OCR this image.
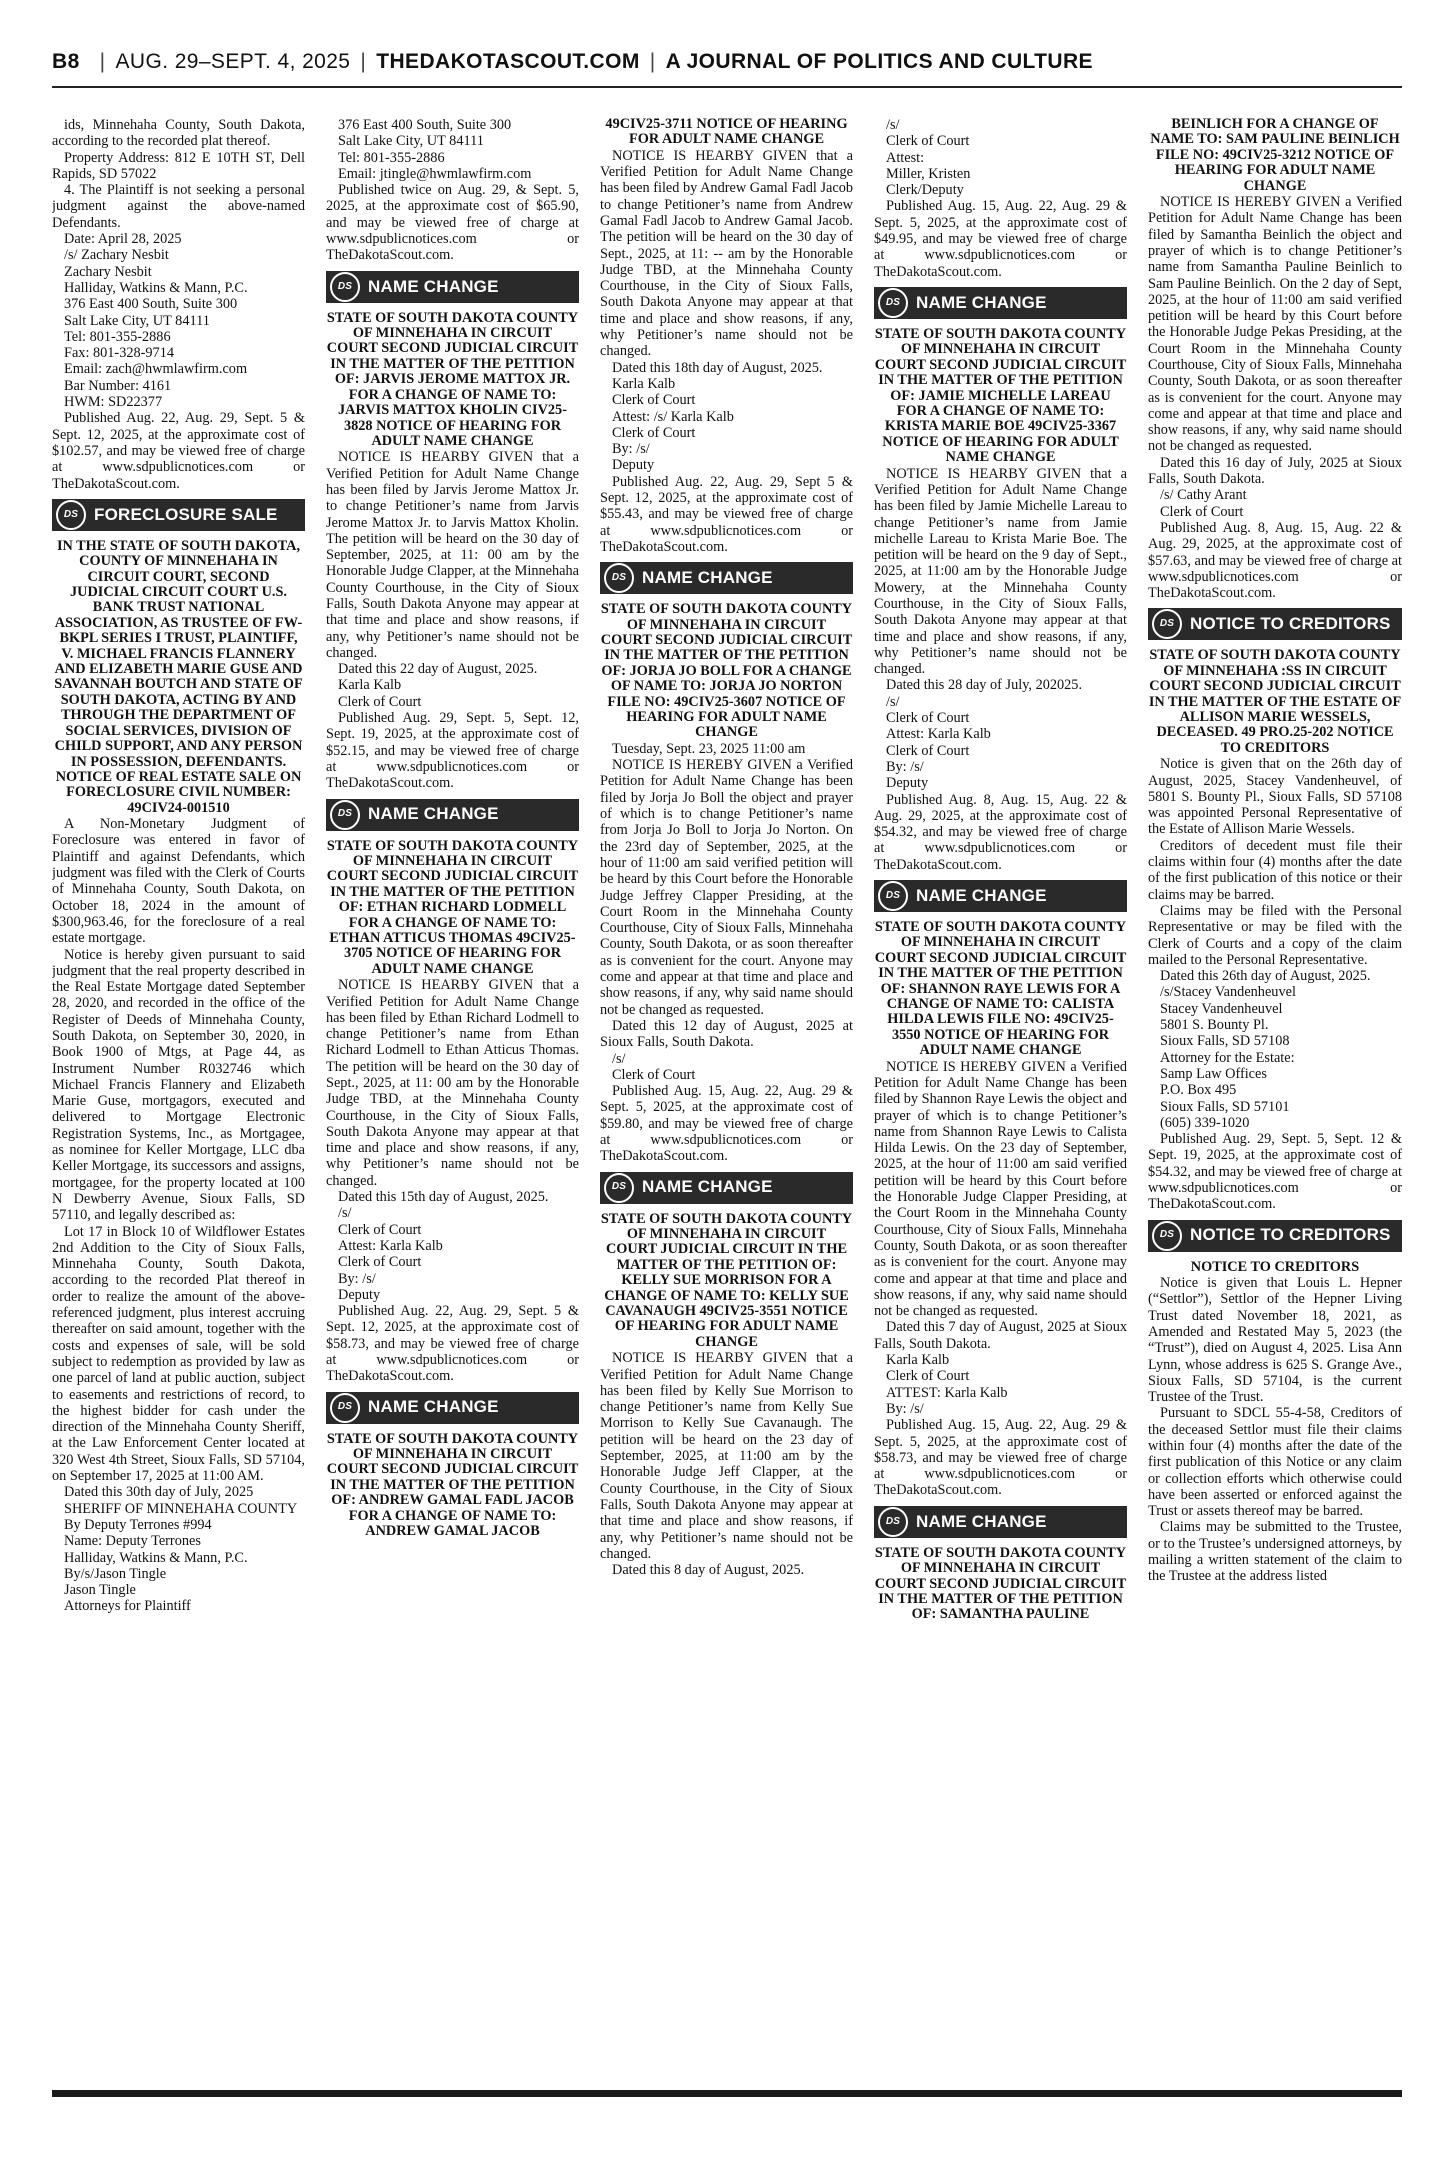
B8 | AUG. 29–SEPT. 4, 2025 | THEDAKOTASCOUT.COM | A JOURNAL OF POLITICS AND CULTURE

ids, Minnehaha County, South Dakota, according to the recorded plat thereof.

Property Address: 812 E 10TH ST, Dell Rapids, SD 57022

4. The Plaintiff is not seeking a personal judgment against the above-named Defendants.

Date: April 28, 2025

/s/ Zachary Nesbit

Zachary Nesbit

Halliday, Watkins & Mann, P.C.

376 East 400 South, Suite 300

Salt Lake City, UT 84111

Tel: 801-355-2886

Fax: 801-328-9714

Email: zach@hwmlawfirm.com

Bar Number: 4161

HWM: SD22377

Published Aug. 22, Aug. 29, Sept. 5 & Sept. 12, 2025, at the approximate cost of $102.57, and may be viewed free of charge at www.sdpublicnotices.com or TheDakotaScout.com.

DS FORECLOSURE SALE

IN THE STATE OF SOUTH DAKOTA, COUNTY OF MINNEHAHA IN CIRCUIT COURT, SECOND JUDICIAL CIRCUIT COURT U.S. BANK TRUST NATIONAL ASSOCIATION, AS TRUSTEE OF FW-BKPL SERIES I TRUST, PLAINTIFF, V. MICHAEL FRANCIS FLANNERY AND ELIZABETH MARIE GUSE AND SAVANNAH BOUTCH AND STATE OF SOUTH DAKOTA, ACTING BY AND THROUGH THE DEPARTMENT OF SOCIAL SERVICES, DIVISION OF CHILD SUPPORT, AND ANY PERSON IN POSSESSION, DEFENDANTS. NOTICE OF REAL ESTATE SALE ON FORECLOSURE CIVIL NUMBER: 49CIV24-001510

A Non-Monetary Judgment of Foreclosure was entered in favor of Plaintiff and against Defendants, which judgment was filed with the Clerk of Courts of Minnehaha County, South Dakota, on October 18, 2024 in the amount of $300,963.46, for the foreclosure of a real estate mortgage.

Notice is hereby given pursuant to said judgment that the real property described in the Real Estate Mortgage dated September 28, 2020, and recorded in the office of the Register of Deeds of Minnehaha County, South Dakota, on September 30, 2020, in Book 1900 of Mtgs, at Page 44, as Instrument Number R032746 which Michael Francis Flannery and Elizabeth Marie Guse, mortgagors, executed and delivered to Mortgage Electronic Registration Systems, Inc., as Mortgagee, as nominee for Keller Mortgage, LLC dba Keller Mortgage, its successors and assigns, mortgagee, for the property located at 100 N Dewberry Avenue, Sioux Falls, SD 57110, and legally described as:

Lot 17 in Block 10 of Wildflower Estates 2nd Addition to the City of Sioux Falls, Minnehaha County, South Dakota, according to the recorded Plat thereof in order to realize the amount of the above-referenced judgment, plus interest accruing thereafter on said amount, together with the costs and expenses of sale, will be sold subject to redemption as provided by law as one parcel of land at public auction, subject to easements and restrictions of record, to the highest bidder for cash under the direction of the Minnehaha County Sheriff, at the Law Enforcement Center located at 320 West 4th Street, Sioux Falls, SD 57104, on September 17, 2025 at 11:00 AM.

Dated this 30th day of July, 2025

SHERIFF OF MINNEHAHA COUNTY

By Deputy Terrones #994

Name: Deputy Terrones

Halliday, Watkins & Mann, P.C.

By/s/Jason Tingle

Jason Tingle

Attorneys for Plaintiff

376 East 400 South, Suite 300

Salt Lake City, UT 84111

Tel: 801-355-2886

Email: jtingle@hwmlawfirm.com

Published twice on Aug. 29, & Sept. 5, 2025, at the approximate cost of $65.90, and may be viewed free of charge at www.sdpublicnotices.com or TheDakotaScout.com.

DS NAME CHANGE

STATE OF SOUTH DAKOTA COUNTY OF MINNEHAHA IN CIRCUIT COURT SECOND JUDICIAL CIRCUIT IN THE MATTER OF THE PETITION OF: JARVIS JEROME MATTOX JR. FOR A CHANGE OF NAME TO: JARVIS MATTOX KHOLIN CIV25-3828 NOTICE OF HEARING FOR ADULT NAME CHANGE

NOTICE IS HEARBY GIVEN that a Verified Petition for Adult Name Change has been filed by Jarvis Jerome Mattox Jr. to change Petitioner’s name from Jarvis Jerome Mattox Jr. to Jarvis Mattox Kholin. The petition will be heard on the 30 day of September, 2025, at 11: 00 am by the Honorable Judge Clapper, at the Minnehaha County Courthouse, in the City of Sioux Falls, South Dakota Anyone may appear at that time and place and show reasons, if any, why Petitioner’s name should not be changed.

Dated this 22 day of August, 2025.

Karla Kalb

Clerk of Court

Published Aug. 29, Sept. 5, Sept. 12, Sept. 19, 2025, at the approximate cost of $52.15, and may be viewed free of charge at www.sdpublicnotices.com or TheDakotaScout.com.

DS NAME CHANGE

STATE OF SOUTH DAKOTA COUNTY OF MINNEHAHA IN CIRCUIT COURT SECOND JUDICIAL CIRCUIT IN THE MATTER OF THE PETITION OF: ETHAN RICHARD LODMELL FOR A CHANGE OF NAME TO: ETHAN ATTICUS THOMAS 49CIV25-3705 NOTICE OF HEARING FOR ADULT NAME CHANGE

NOTICE IS HEARBY GIVEN that a Verified Petition for Adult Name Change has been filed by Ethan Richard Lodmell to change Petitioner’s name from Ethan Richard Lodmell to Ethan Atticus Thomas. The petition will be heard on the 30 day of Sept., 2025, at 11: 00 am by the Honorable Judge TBD, at the Minnehaha County Courthouse, in the City of Sioux Falls, South Dakota Anyone may appear at that time and place and show reasons, if any, why Petitioner’s name should not be changed.

Dated this 15th day of August, 2025.

/s/

Clerk of Court

Attest: Karla Kalb

Clerk of Court

By: /s/

Deputy

Published Aug. 22, Aug. 29, Sept. 5 & Sept. 12, 2025, at the approximate cost of $58.73, and may be viewed free of charge at www.sdpublicnotices.com or TheDakotaScout.com.

DS NAME CHANGE

STATE OF SOUTH DAKOTA COUNTY OF MINNEHAHA IN CIRCUIT COURT SECOND JUDICIAL CIRCUIT IN THE MATTER OF THE PETITION OF: ANDREW GAMAL FADL JACOB FOR A CHANGE OF NAME TO: ANDREW GAMAL JACOB

49CIV25-3711 NOTICE OF HEARING FOR ADULT NAME CHANGE

NOTICE IS HEARBY GIVEN that a Verified Petition for Adult Name Change has been filed by Andrew Gamal Fadl Jacob to change Petitioner’s name from Andrew Gamal Fadl Jacob to Andrew Gamal Jacob. The petition will be heard on the 30 day of Sept., 2025, at 11: -- am by the Honorable Judge TBD, at the Minnehaha County Courthouse, in the City of Sioux Falls, South Dakota Anyone may appear at that time and place and show reasons, if any, why Petitioner’s name should not be changed.

Dated this 18th day of August, 2025.

Karla Kalb

Clerk of Court

Attest: /s/ Karla Kalb

Clerk of Court

By: /s/

Deputy

Published Aug. 22, Aug. 29, Sept 5 & Sept. 12, 2025, at the approximate cost of $55.43, and may be viewed free of charge at www.sdpublicnotices.com or TheDakotaScout.com.

DS NAME CHANGE

STATE OF SOUTH DAKOTA COUNTY OF MINNEHAHA IN CIRCUIT COURT SECOND JUDICIAL CIRCUIT IN THE MATTER OF THE PETITION OF: JORJA JO BOLL FOR A CHANGE OF NAME TO: JORJA JO NORTON FILE NO: 49CIV25-3607 NOTICE OF HEARING FOR ADULT NAME CHANGE

Tuesday, Sept. 23, 2025 11:00 am

NOTICE IS HEREBY GIVEN a Verified Petition for Adult Name Change has been filed by Jorja Jo Boll the object and prayer of which is to change Petitioner’s name from Jorja Jo Boll to Jorja Jo Norton. On the 23rd day of September, 2025, at the hour of 11:00 am said verified petition will be heard by this Court before the Honorable Judge Jeffrey Clapper Presiding, at the Court Room in the Minnehaha County Courthouse, City of Sioux Falls, Minnehaha County, South Dakota, or as soon thereafter as is convenient for the court. Anyone may come and appear at that time and place and show reasons, if any, why said name should not be changed as requested.

Dated this 12 day of August, 2025 at Sioux Falls, South Dakota.

/s/

Clerk of Court

Published Aug. 15, Aug. 22, Aug. 29 & Sept. 5, 2025, at the approximate cost of $59.80, and may be viewed free of charge at www.sdpublicnotices.com or TheDakotaScout.com.

DS NAME CHANGE

STATE OF SOUTH DAKOTA COUNTY OF MINNEHAHA IN CIRCUIT COURT JUDICIAL CIRCUIT IN THE MATTER OF THE PETITION OF: KELLY SUE MORRISON FOR A CHANGE OF NAME TO: KELLY SUE CAVANAUGH 49CIV25-3551 NOTICE OF HEARING FOR ADULT NAME CHANGE

NOTICE IS HEARBY GIVEN that a Verified Petition for Adult Name Change has been filed by Kelly Sue Morrison to change Petitioner’s name from Kelly Sue Morrison to Kelly Sue Cavanaugh. The petition will be heard on the 23 day of September, 2025, at 11:00 am by the Honorable Judge Jeff Clapper, at the County Courthouse, in the City of Sioux Falls, South Dakota Anyone may appear at that time and place and show reasons, if any, why Petitioner’s name should not be changed.

Dated this 8 day of August, 2025.

/s/

Clerk of Court

Attest:

Miller, Kristen

Clerk/Deputy

Published Aug. 15, Aug. 22, Aug. 29 & Sept. 5, 2025, at the approximate cost of $49.95, and may be viewed free of charge at www.sdpublicnotices.com or TheDakotaScout.com.

DS NAME CHANGE

STATE OF SOUTH DAKOTA COUNTY OF MINNEHAHA IN CIRCUIT COURT SECOND JUDICIAL CIRCUIT IN THE MATTER OF THE PETITION OF: JAMIE MICHELLE LAREAU FOR A CHANGE OF NAME TO: KRISTA MARIE BOE 49CIV25-3367 NOTICE OF HEARING FOR ADULT NAME CHANGE

NOTICE IS HEARBY GIVEN that a Verified Petition for Adult Name Change has been filed by Jamie Michelle Lareau to change Petitioner’s name from Jamie michelle Lareau to Krista Marie Boe. The petition will be heard on the 9 day of Sept., 2025, at 11:00 am by the Honorable Judge Mowery, at the Minnehaha County Courthouse, in the City of Sioux Falls, South Dakota Anyone may appear at that time and place and show reasons, if any, why Petitioner’s name should not be changed.

Dated this 28 day of July, 202025.

/s/

Clerk of Court

Attest: Karla Kalb

Clerk of Court

By: /s/

Deputy

Published Aug. 8, Aug. 15, Aug. 22 & Aug. 29, 2025, at the approximate cost of $54.32, and may be viewed free of charge at www.sdpublicnotices.com or TheDakotaScout.com.

DS NAME CHANGE

STATE OF SOUTH DAKOTA COUNTY OF MINNEHAHA IN CIRCUIT COURT SECOND JUDICIAL CIRCUIT IN THE MATTER OF THE PETITION OF: SHANNON RAYE LEWIS FOR A CHANGE OF NAME TO: CALISTA HILDA LEWIS FILE NO: 49CIV25-3550 NOTICE OF HEARING FOR ADULT NAME CHANGE

NOTICE IS HEREBY GIVEN a Verified Petition for Adult Name Change has been filed by Shannon Raye Lewis the object and prayer of which is to change Petitioner’s name from Shannon Raye Lewis to Calista Hilda Lewis. On the 23 day of September, 2025, at the hour of 11:00 am said verified petition will be heard by this Court before the Honorable Judge Clapper Presiding, at the Court Room in the Minnehaha County Courthouse, City of Sioux Falls, Minnehaha County, South Dakota, or as soon thereafter as is convenient for the court. Anyone may come and appear at that time and place and show reasons, if any, why said name should not be changed as requested.

Dated this 7 day of August, 2025 at Sioux Falls, South Dakota.

Karla Kalb

Clerk of Court

ATTEST: Karla Kalb

By: /s/

Published Aug. 15, Aug. 22, Aug. 29 & Sept. 5, 2025, at the approximate cost of $58.73, and may be viewed free of charge at www.sdpublicnotices.com or TheDakotaScout.com.

DS NAME CHANGE

STATE OF SOUTH DAKOTA COUNTY OF MINNEHAHA IN CIRCUIT COURT SECOND JUDICIAL CIRCUIT IN THE MATTER OF THE PETITION OF: SAMANTHA PAULINE

BEINLICH FOR A CHANGE OF NAME TO: SAM PAULINE BEINLICH FILE NO: 49CIV25-3212 NOTICE OF HEARING FOR ADULT NAME CHANGE

NOTICE IS HEREBY GIVEN a Verified Petition for Adult Name Change has been filed by Samantha Beinlich the object and prayer of which is to change Petitioner’s name from Samantha Pauline Beinlich to Sam Pauline Beinlich. On the 2 day of Sept, 2025, at the hour of 11:00 am said verified petition will be heard by this Court before the Honorable Judge Pekas Presiding, at the Court Room in the Minnehaha County Courthouse, City of Sioux Falls, Minnehaha County, South Dakota, or as soon thereafter as is convenient for the court. Anyone may come and appear at that time and place and show reasons, if any, why said name should not be changed as requested.

Dated this 16 day of July, 2025 at Sioux Falls, South Dakota.

/s/ Cathy Arant

Clerk of Court

Published Aug. 8, Aug. 15, Aug. 22 & Aug. 29, 2025, at the approximate cost of $57.63, and may be viewed free of charge at www.sdpublicnotices.com or TheDakotaScout.com.

DS NOTICE TO CREDITORS

STATE OF SOUTH DAKOTA COUNTY OF MINNEHAHA :SS IN CIRCUIT COURT SECOND JUDICIAL CIRCUIT IN THE MATTER OF THE ESTATE OF ALLISON MARIE WESSELS, DECEASED. 49 PRO.25-202 NOTICE TO CREDITORS

Notice is given that on the 26th day of August, 2025, Stacey Vandenheuvel, of 5801 S. Bounty Pl., Sioux Falls, SD 57108 was appointed Personal Representative of the Estate of Allison Marie Wessels.

Creditors of decedent must file their claims within four (4) months after the date of the first publication of this notice or their claims may be barred.

Claims may be filed with the Personal Representative or may be filed with the Clerk of Courts and a copy of the claim mailed to the Personal Representative.

Dated this 26th day of August, 2025.

/s/Stacey Vandenheuvel

Stacey Vandenheuvel

5801 S. Bounty Pl.

Sioux Falls, SD 57108

Attorney for the Estate:

Samp Law Offices

P.O. Box 495

Sioux Falls, SD 57101

(605) 339-1020

Published Aug. 29, Sept. 5, Sept. 12 & Sept. 19, 2025, at the approximate cost of $54.32, and may be viewed free of charge at www.sdpublicnotices.com or TheDakotaScout.com.

DS NOTICE TO CREDITORS

NOTICE TO CREDITORS

Notice is given that Louis L. Hepner (“Settlor”), Settlor of the Hepner Living Trust dated November 18, 2021, as Amended and Restated May 5, 2023 (the “Trust”), died on August 4, 2025. Lisa Ann Lynn, whose address is 625 S. Grange Ave., Sioux Falls, SD 57104, is the current Trustee of the Trust.

Pursuant to SDCL 55-4-58, Creditors of the deceased Settlor must file their claims within four (4) months after the date of the first publication of this Notice or any claim or collection efforts which otherwise could have been asserted or enforced against the Trust or assets thereof may be barred.

Claims may be submitted to the Trustee, or to the Trustee’s undersigned attorneys, by mailing a written statement of the claim to the Trustee at the address listed
